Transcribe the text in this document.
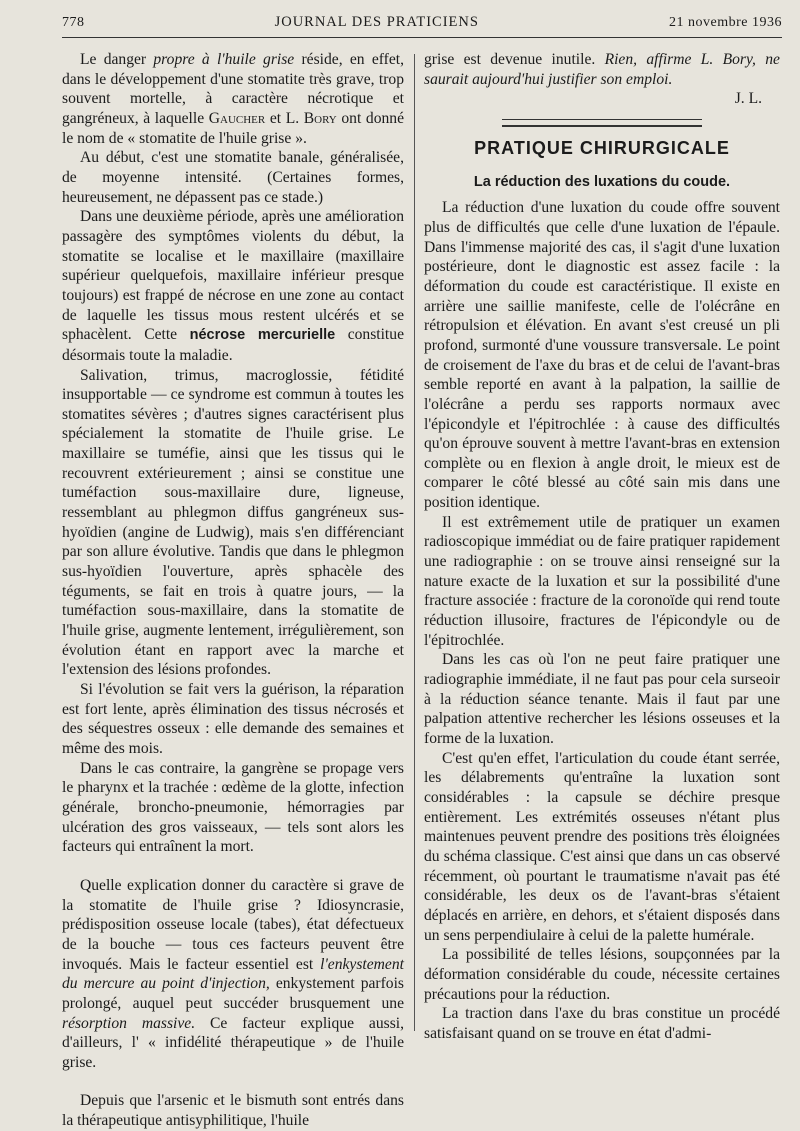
778	JOURNAL DES PRATICIENS	21 novembre 1936

Le danger propre à l'huile grise réside, en effet, dans le développement d'une stomatite très grave, trop souvent mortelle, à caractère nécrotique et gangréneux, à laquelle Gaucher et L. Bory ont donné le nom de « stomatite de l'huile grise ».

Au début, c'est une stomatite banale, généralisée, de moyenne intensité. (Certaines formes, heureusement, ne dépassent pas ce stade.)

Dans une deuxième période, après une amélioration passagère des symptômes violents du début, la stomatite se localise et le maxillaire (maxillaire supérieur quelquefois, maxillaire inférieur presque toujours) est frappé de nécrose en une zone au contact de laquelle les tissus mous restent ulcérés et se sphacèlent. Cette nécrose mercurielle constitue désormais toute la maladie.

Salivation, trimus, macroglossie, fétidité insupportable — ce syndrome est commun à toutes les stomatites sévères ; d'autres signes caractérisent plus spécialement la stomatite de l'huile grise. Le maxillaire se tuméfie, ainsi que les tissus qui le recouvrent extérieurement ; ainsi se constitue une tuméfaction sous-maxillaire dure, ligneuse, ressemblant au phlegmon diffus gangréneux sus-hyoïdien (angine de Ludwig), mais s'en différenciant par son allure évolutive. Tandis que dans le phlegmon sus-hyoïdien l'ouverture, après sphacèle des téguments, se fait en trois à quatre jours, — la tuméfaction sous-maxillaire, dans la stomatite de l'huile grise, augmente lentement, irrégulièrement, son évolution étant en rapport avec la marche et l'extension des lésions profondes.

Si l'évolution se fait vers la guérison, la réparation est fort lente, après élimination des tissus nécrosés et des séquestres osseux : elle demande des semaines et même des mois.

Dans le cas contraire, la gangrène se propage vers le pharynx et la trachée : œdème de la glotte, infection générale, broncho-pneumonie, hémorragies par ulcération des gros vaisseaux, — tels sont alors les facteurs qui entraînent la mort.

Quelle explication donner du caractère si grave de la stomatite de l'huile grise ? Idiosyncrasie, prédisposition osseuse locale (tabes), état défectueux de la bouche — tous ces facteurs peuvent être invoqués. Mais le facteur essentiel est l'enkystement du mercure au point d'injection, enkystement parfois prolongé, auquel peut succéder brusquement une résorption massive. Ce facteur explique aussi, d'ailleurs, l' « infidélité thérapeutique » de l'huile grise.

Depuis que l'arsenic et le bismuth sont entrés dans la thérapeutique antisyphilitique, l'huile

grise est devenue inutile. Rien, affirme L. Bory, ne saurait aujourd'hui justifier son emploi.

J. L.

PRATIQUE CHIRURGICALE
La réduction des luxations du coude.

La réduction d'une luxation du coude offre souvent plus de difficultés que celle d'une luxation de l'épaule. Dans l'immense majorité des cas, il s'agit d'une luxation postérieure, dont le diagnostic est assez facile : la déformation du coude est caractéristique. Il existe en arrière une saillie manifeste, celle de l'olécrâne en rétropulsion et élévation. En avant s'est creusé un pli profond, surmonté d'une voussure transversale. Le point de croisement de l'axe du bras et de celui de l'avant-bras semble reporté en avant à la palpation, la saillie de l'olécrâne a perdu ses rapports normaux avec l'épicondyle et l'épitrochlée : à cause des difficultés qu'on éprouve souvent à mettre l'avant-bras en extension complète ou en flexion à angle droit, le mieux est de comparer le côté blessé au côté sain mis dans une position identique.

Il est extrêmement utile de pratiquer un examen radioscopique immédiat ou de faire pratiquer rapidement une radiographie : on se trouve ainsi renseigné sur la nature exacte de la luxation et sur la possibilité d'une fracture associée : fracture de la coronoïde qui rend toute réduction illusoire, fractures de l'épicondyle ou de l'épitrochlée.

Dans les cas où l'on ne peut faire pratiquer une radiographie immédiate, il ne faut pas pour cela surseoir à la réduction séance tenante. Mais il faut par une palpation attentive rechercher les lésions osseuses et la forme de la luxation.

C'est qu'en effet, l'articulation du coude étant serrée, les délabrements qu'entraîne la luxation sont considérables : la capsule se déchire presque entièrement. Les extrémités osseuses n'étant plus maintenues peuvent prendre des positions très éloignées du schéma classique. C'est ainsi que dans un cas observé récemment, où pourtant le traumatisme n'avait pas été considérable, les deux os de l'avant-bras s'étaient déplacés en arrière, en dehors, et s'étaient disposés dans un sens perpendiulaire à celui de la palette humérale.

La possibilité de telles lésions, soupçonnées par la déformation considérable du coude, nécessite certaines précautions pour la réduction.

La traction dans l'axe du bras constitue un procédé satisfaisant quand on se trouve en état d'admi-
